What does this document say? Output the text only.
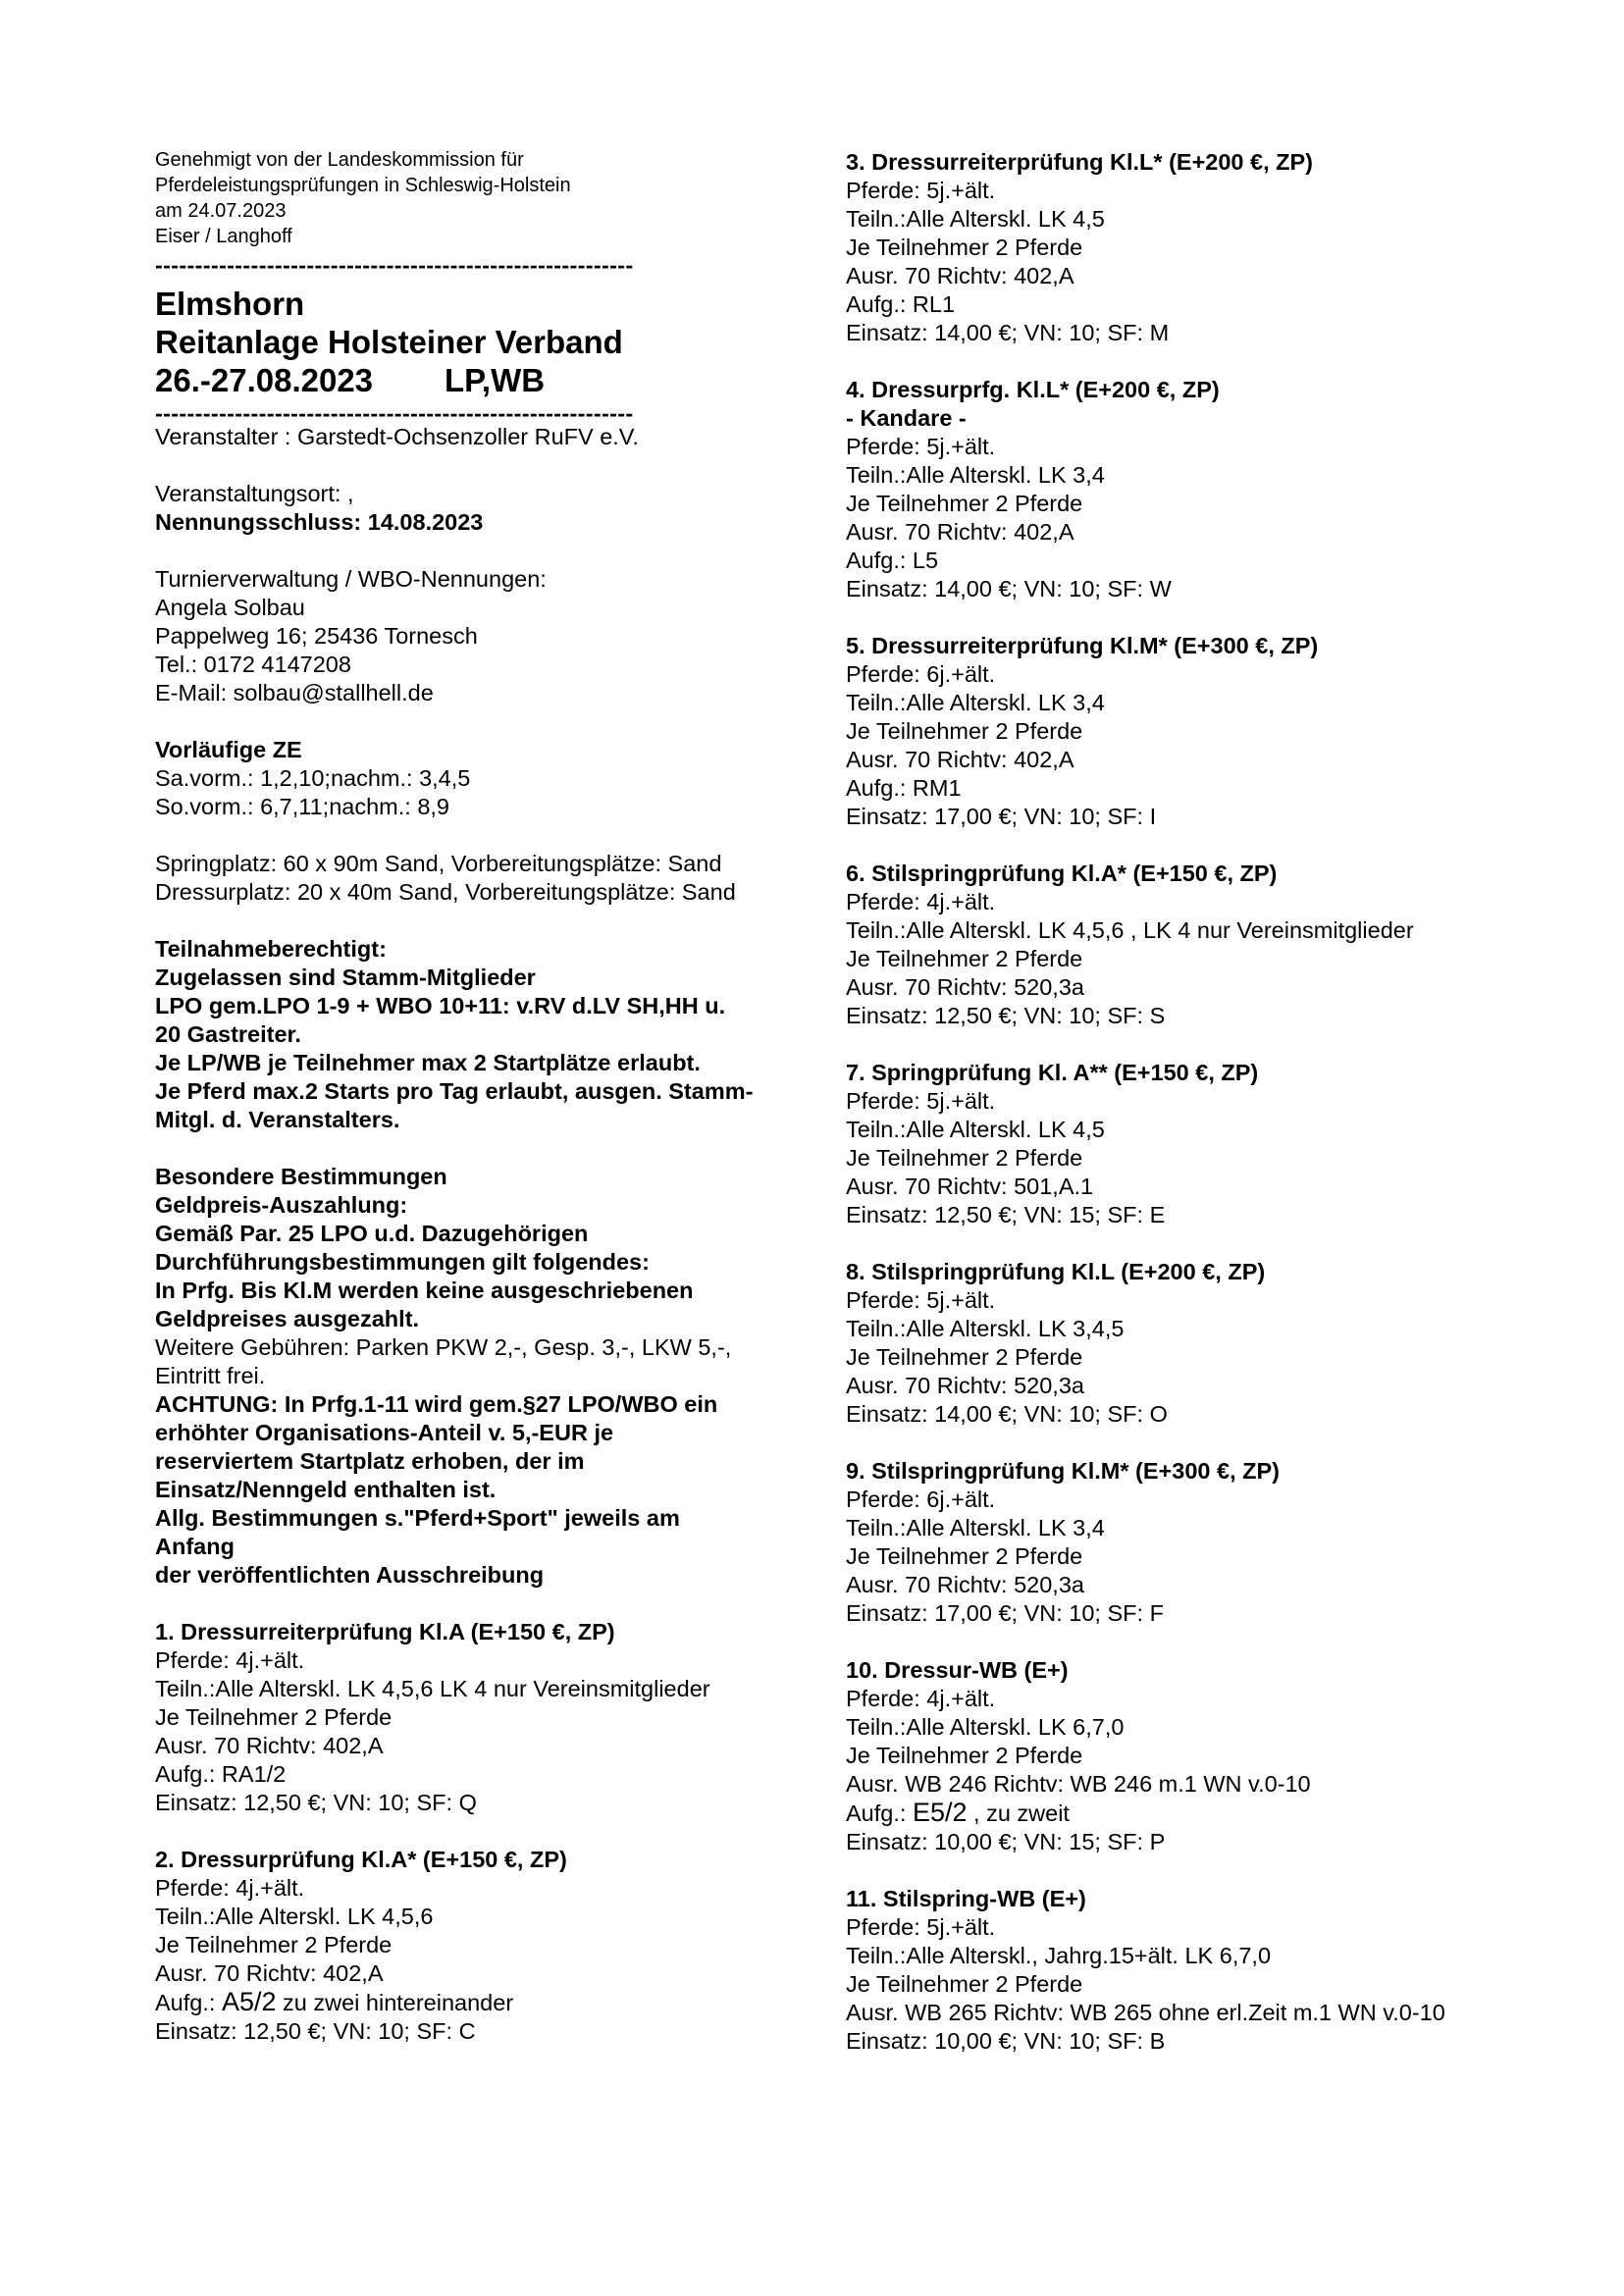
Genehmigt von der Landeskommission für

Pferdeleistungsprüfungen in Schleswig-Holstein

am 24.07.2023

Eiser / Langhoff

------------------------------------------------------------

Elmshorn

Reitanlage Holsteiner Verband

26.-27.08.2023	LP,WB

------------------------------------------------------------

Veranstalter : Garstedt-Ochsenzoller RuFV e.V.

Veranstaltungsort: ,

Nennungsschluss: 14.08.2023

Turnierverwaltung / WBO-Nennungen:

Angela Solbau

Pappelweg 16; 25436 Tornesch

Tel.: 0172 4147208

E-Mail: solbau@stallhell.de

Vorläufige ZE

Sa.vorm.: 1,2,10;nachm.: 3,4,5

So.vorm.: 6,7,11;nachm.: 8,9

Springplatz: 60 x 90m Sand, Vorbereitungsplätze: Sand

Dressurplatz: 20 x 40m Sand, Vorbereitungsplätze: Sand

Teilnahmeberechtigt:

Zugelassen sind Stamm-Mitglieder

LPO gem.LPO 1-9 + WBO 10+11: v.RV d.LV SH,HH u.

20 Gastreiter.

Je LP/WB je Teilnehmer max 2 Startplätze erlaubt.

Je Pferd max.2 Starts pro Tag erlaubt, ausgen. Stamm-

Mitgl. d. Veranstalters.

Besondere Bestimmungen

Geldpreis-Auszahlung:

Gemäß Par. 25 LPO u.d. Dazugehörigen

Durchführungsbestimmungen gilt folgendes:

In Prfg. Bis Kl.M werden keine ausgeschriebenen

Geldpreises ausgezahlt.

Weitere Gebühren: Parken PKW 2,-, Gesp. 3,-, LKW 5,-,

Eintritt frei.

ACHTUNG: In Prfg.1-11 wird gem.§27 LPO/WBO ein

erhöhter Organisations-Anteil v. 5,-EUR je

reserviertem Startplatz erhoben, der im

Einsatz/Nenngeld enthalten ist.

Allg. Bestimmungen s."Pferd+Sport" jeweils am

Anfang

der veröffentlichten Ausschreibung

1. Dressurreiterprüfung Kl.A (E+150 €, ZP)

Pferde: 4j.+ält.

Teiln.:Alle Alterskl. LK 4,5,6 LK 4 nur Vereinsmitglieder

Je Teilnehmer 2 Pferde

Ausr. 70 Richtv: 402,A

Aufg.: RA1/2

Einsatz: 12,50 €; VN: 10; SF: Q

2. Dressurprüfung Kl.A* (E+150 €, ZP)

Pferde: 4j.+ält.

Teiln.:Alle Alterskl. LK 4,5,6

Je Teilnehmer 2 Pferde

Ausr. 70 Richtv: 402,A

Aufg.: A5/2 zu zwei hintereinander

Einsatz: 12,50 €; VN: 10; SF: C

3. Dressurreiterprüfung Kl.L* (E+200 €, ZP)

Pferde: 5j.+ält.

Teiln.:Alle Alterskl. LK 4,5

Je Teilnehmer 2 Pferde

Ausr. 70 Richtv: 402,A

Aufg.: RL1

Einsatz: 14,00 €; VN: 10; SF: M

4. Dressurprfg. Kl.L* (E+200 €, ZP)

- Kandare -

Pferde: 5j.+ält.

Teiln.:Alle Alterskl. LK 3,4

Je Teilnehmer 2 Pferde

Ausr. 70 Richtv: 402,A

Aufg.: L5

Einsatz: 14,00 €; VN: 10; SF: W

5. Dressurreiterprüfung Kl.M* (E+300 €, ZP)

Pferde: 6j.+ält.

Teiln.:Alle Alterskl. LK 3,4

Je Teilnehmer 2 Pferde

Ausr. 70 Richtv: 402,A

Aufg.: RM1

Einsatz: 17,00 €; VN: 10; SF: I

6. Stilspringprüfung Kl.A* (E+150 €, ZP)

Pferde: 4j.+ält.

Teiln.:Alle Alterskl. LK 4,5,6 , LK 4 nur Vereinsmitglieder

Je Teilnehmer 2 Pferde

Ausr. 70 Richtv: 520,3a

Einsatz: 12,50 €; VN: 10; SF: S

7. Springprüfung Kl. A** (E+150 €, ZP)

Pferde: 5j.+ält.

Teiln.:Alle Alterskl. LK 4,5

Je Teilnehmer 2 Pferde

Ausr. 70 Richtv: 501,A.1

Einsatz: 12,50 €; VN: 15; SF: E

8. Stilspringprüfung Kl.L (E+200 €, ZP)

Pferde: 5j.+ält.

Teiln.:Alle Alterskl. LK 3,4,5

Je Teilnehmer 2 Pferde

Ausr. 70 Richtv: 520,3a

Einsatz: 14,00 €; VN: 10; SF: O

9. Stilspringprüfung Kl.M* (E+300 €, ZP)

Pferde: 6j.+ält.

Teiln.:Alle Alterskl. LK 3,4

Je Teilnehmer 2 Pferde

Ausr. 70 Richtv: 520,3a

Einsatz: 17,00 €; VN: 10; SF: F

10. Dressur-WB (E+)

Pferde: 4j.+ält.

Teiln.:Alle Alterskl. LK 6,7,0

Je Teilnehmer 2 Pferde

Ausr. WB 246 Richtv: WB 246 m.1 WN v.0-10

Aufg.: E5/2 , zu zweit

Einsatz: 10,00 €; VN: 15; SF: P

11. Stilspring-WB (E+)

Pferde: 5j.+ält.

Teiln.:Alle Alterskl., Jahrg.15+ält. LK 6,7,0

Je Teilnehmer 2 Pferde

Ausr. WB 265 Richtv: WB 265 ohne erl.Zeit m.1 WN v.0-10

Einsatz: 10,00 €; VN: 10; SF: B
